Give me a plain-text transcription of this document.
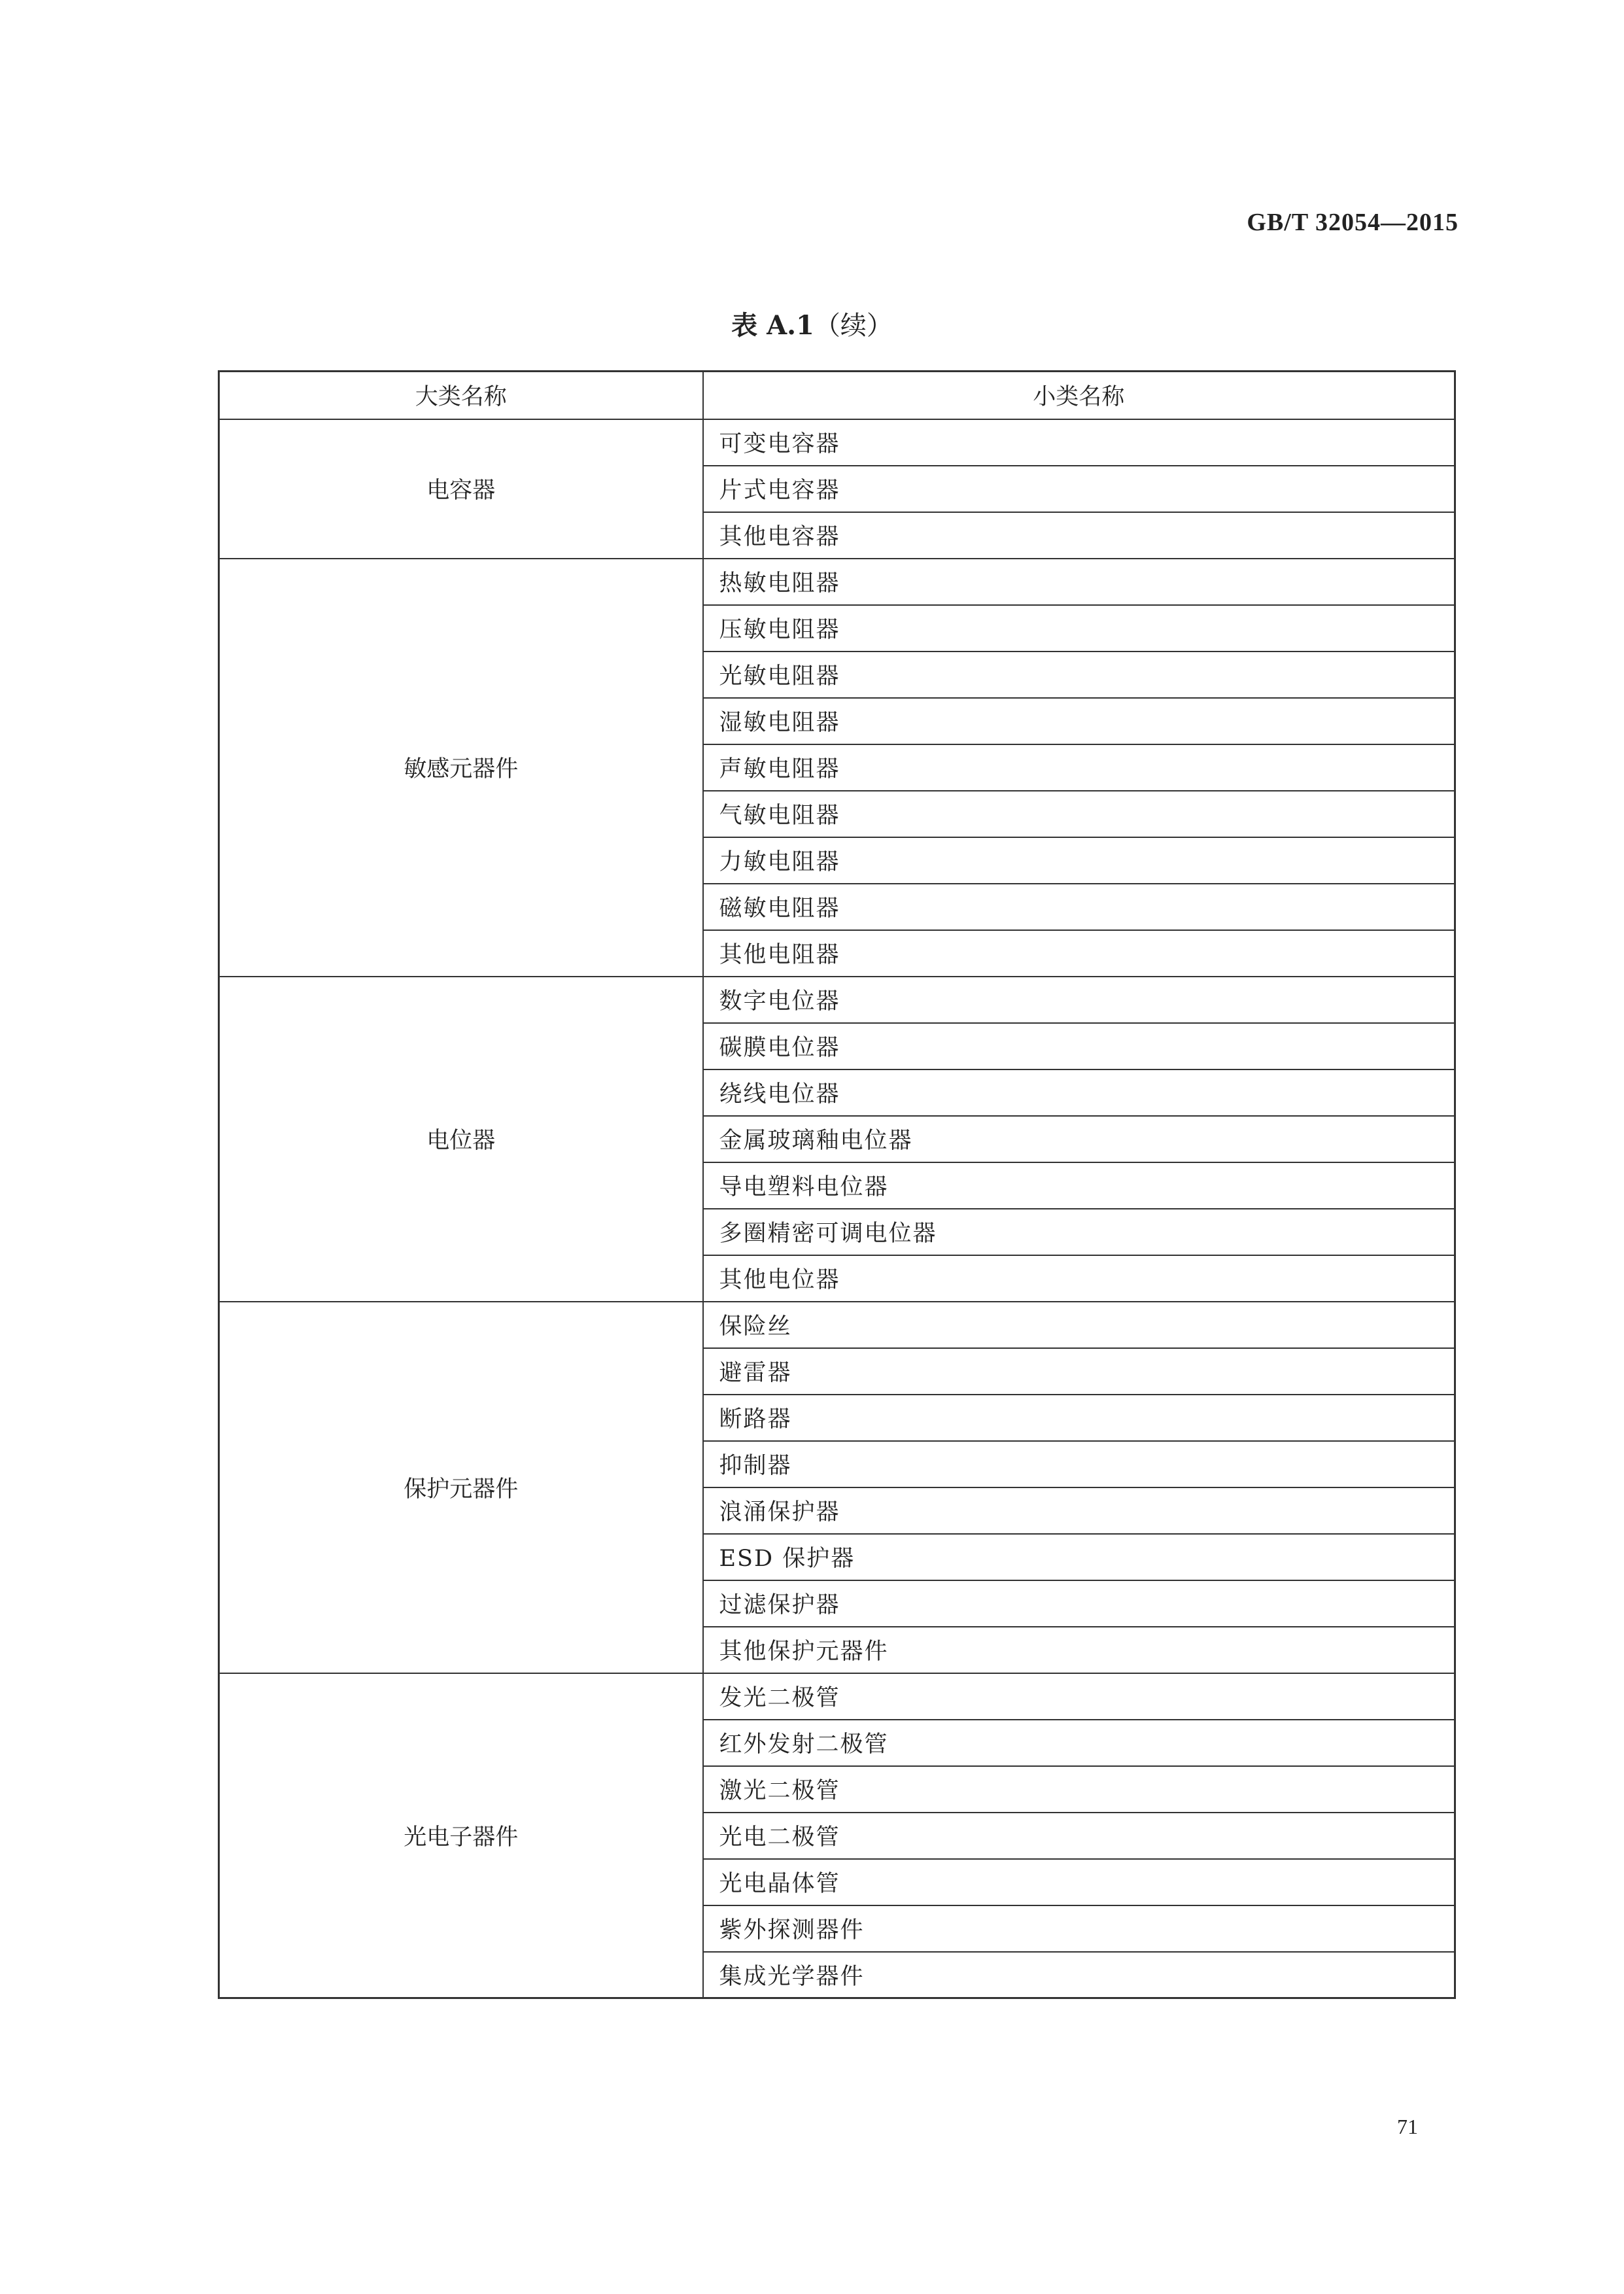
GB/T 32054—2015
表 A.1（续）
大类名称	小类名称
电容器	可变电容器
	片式电容器
	其他电容器
敏感元器件	热敏电阻器
	压敏电阻器
	光敏电阻器
	湿敏电阻器
	声敏电阻器
	气敏电阻器
	力敏电阻器
	磁敏电阻器
	其他电阻器
电位器	数字电位器
	碳膜电位器
	绕线电位器
	金属玻璃釉电位器
	导电塑料电位器
	多圈精密可调电位器
	其他电位器
保护元器件	保险丝
	避雷器
	断路器
	抑制器
	浪涌保护器
	ESD 保护器
	过滤保护器
	其他保护元器件
光电子器件	发光二极管
	红外发射二极管
	激光二极管
	光电二极管
	光电晶体管
	紫外探测器件
	集成光学器件
71
